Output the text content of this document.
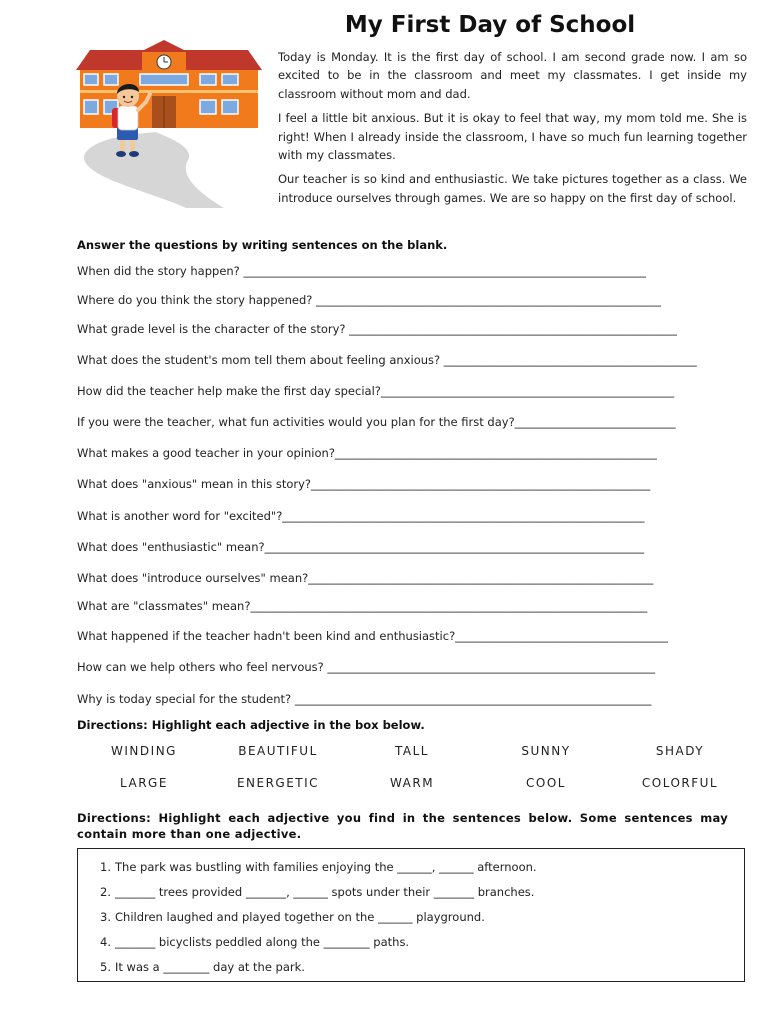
My First Day of School

Today is Monday. It is the first day of school. I am second grade now. I am so excited to be in the classroom and meet my classmates. I get inside my classroom without mom and dad.

I feel a little bit anxious. But it is okay to feel that way, my mom told me. She is right! When I already inside the classroom, I have so much fun learning together with my classmates.

Our teacher is so kind and enthusiastic. We take pictures together as a class. We introduce ourselves through games. We are so happy on the first day of school.

Answer the questions by writing sentences on the blank.
When did the story happen? ______________________________________________________________________
Where do you think the story happened? ____________________________________________________________
What grade level is the character of the story? _________________________________________________________
What does the student's mom tell them about feeling anxious? ____________________________________________
How did the teacher help make the first day special?___________________________________________________
If you were the teacher, what fun activities would you plan for the first day?____________________________
What makes a good teacher in your opinion?________________________________________________________
What does "anxious" mean in this story?___________________________________________________________
What is another word for "excited"?_______________________________________________________________
What does "enthusiastic" mean?__________________________________________________________________
What does "introduce ourselves" mean?____________________________________________________________
What are "classmates" mean?_____________________________________________________________________
What happened if the teacher hadn't been kind and enthusiastic?_____________________________________
How can we help others who feel nervous? _________________________________________________________
Why is today special for the student? ______________________________________________________________
Directions: Highlight each adjective in the box below.
WINDING	BEAUTIFUL	TALL	SUNNY	SHADY
LARGE	ENERGETIC	WARM	COOL	COLORFUL
Directions: Highlight each adjective you find in the sentences below. Some sentences may contain more than one adjective.
1. The park was bustling with families enjoying the ______, ______ afternoon.
2. _______ trees provided _______, ______ spots under their _______ branches.
3. Children laughed and played together on the ______ playground.
4. _______ bicyclists peddled along the ________ paths.
5. It was a ________ day at the park.
